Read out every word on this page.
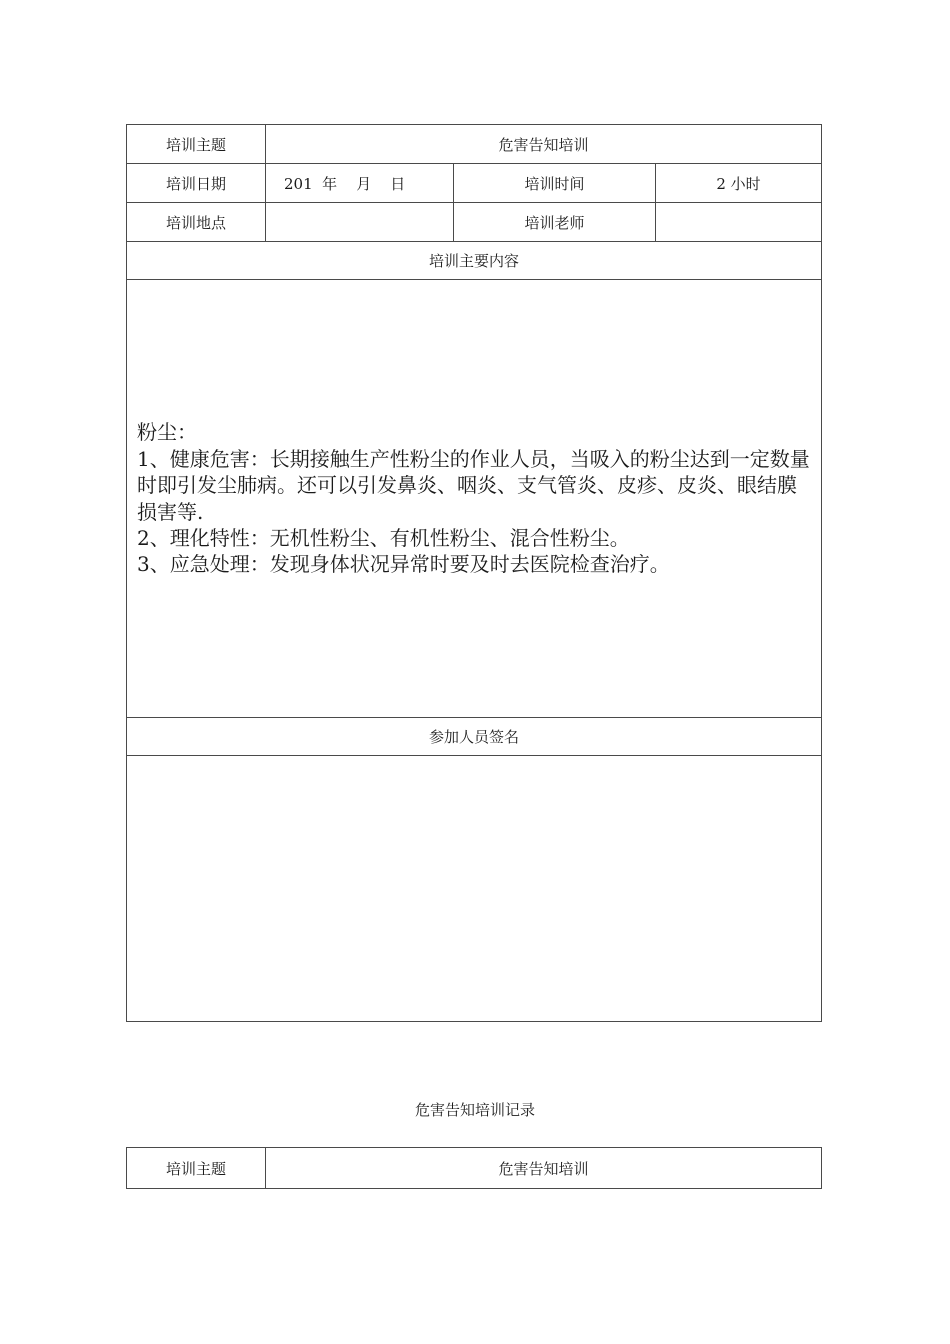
培训主题	危害告知培训		
培训日期	201  年    月    日	培训时间	2 小时
培训地点		培训老师	
培训主要内容			

粉尘：
1、健康危害：长期接触生产性粉尘的作业人员，当吸入的粉尘达到一定数量时即引发尘肺病。还可以引发鼻炎、咽炎、支气管炎、皮疹、皮炎、眼结膜损害等.
2、理化特性：无机性粉尘、有机性粉尘、混合性粉尘。
3、应急处理：发现身体状况异常时要及时去医院检查治疗。			

参加人员签名			

危害告知培训记录
培训主题	危害告知培训
